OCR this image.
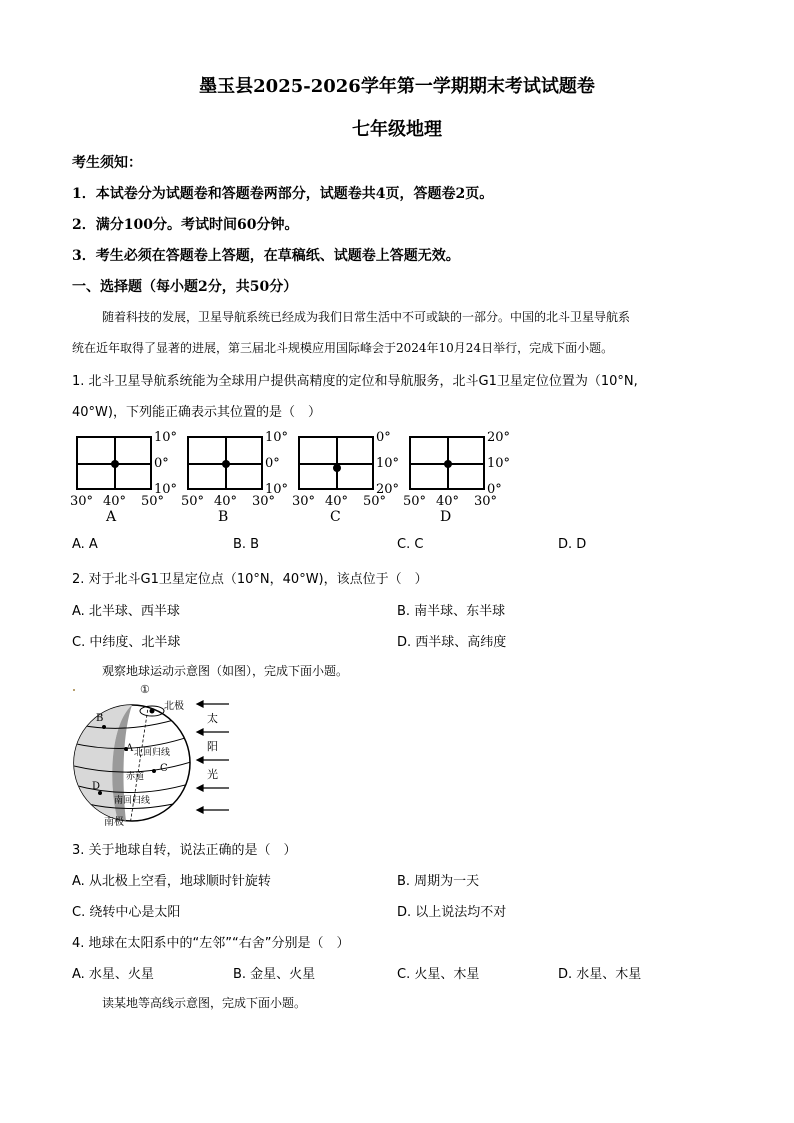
墨玉县2025-2026学年第一学期期末考试试题卷
七年级地理
考生须知：
1．本试卷分为试题卷和答题卷两部分，试题卷共4页，答题卷2页。
2．满分100分。考试时间60分钟。
3．考生必须在答题卷上答题，在草稿纸、试题卷上答题无效。
一、选择题（每小题2分，共50分）
随着科技的发展，卫星导航系统已经成为我们日常生活中不可或缺的一部分。中国的北斗卫星导航系
统在近年取得了显著的进展，第三届北斗规模应用国际峰会于2024年10月24日举行，完成下面小题。
1. 北斗卫星导航系统能为全球用户提供高精度的定位和导航服务，北斗G1卫星定位位置为（10°N,
40°W)，下列能正确表示其位置的是（　）
10°
0°
10°
30° 40° 50°
A
10°
0°
10°
50° 40° 30°
B
0°
10°
20°
30° 40° 50°
C
20°
10°
0°
50° 40° 30°
D
A. A	B. B	C. C	D. D
2. 对于北斗G1卫星定位点（10°N，40°W)，该点位于（　）
A. 北半球、西半球	B. 南半球、东半球
C. 中纬度、北半球	D. 西半球、高纬度
观察地球运动示意图（如图），完成下面小题。
①
北极
B
A 北回归线
C
赤道
D
南回归线
南极
太
阳
光
3. 关于地球自转，说法正确的是（　）
A. 从北极上空看，地球顺时针旋转	B. 周期为一天
C. 绕转中心是太阳	D. 以上说法均不对
4. 地球在太阳系中的“左邻”“右舍”分别是（　）
A. 水星、火星	B. 金星、火星	C. 火星、木星	D. 水星、木星
读某地等高线示意图，完成下面小题。
